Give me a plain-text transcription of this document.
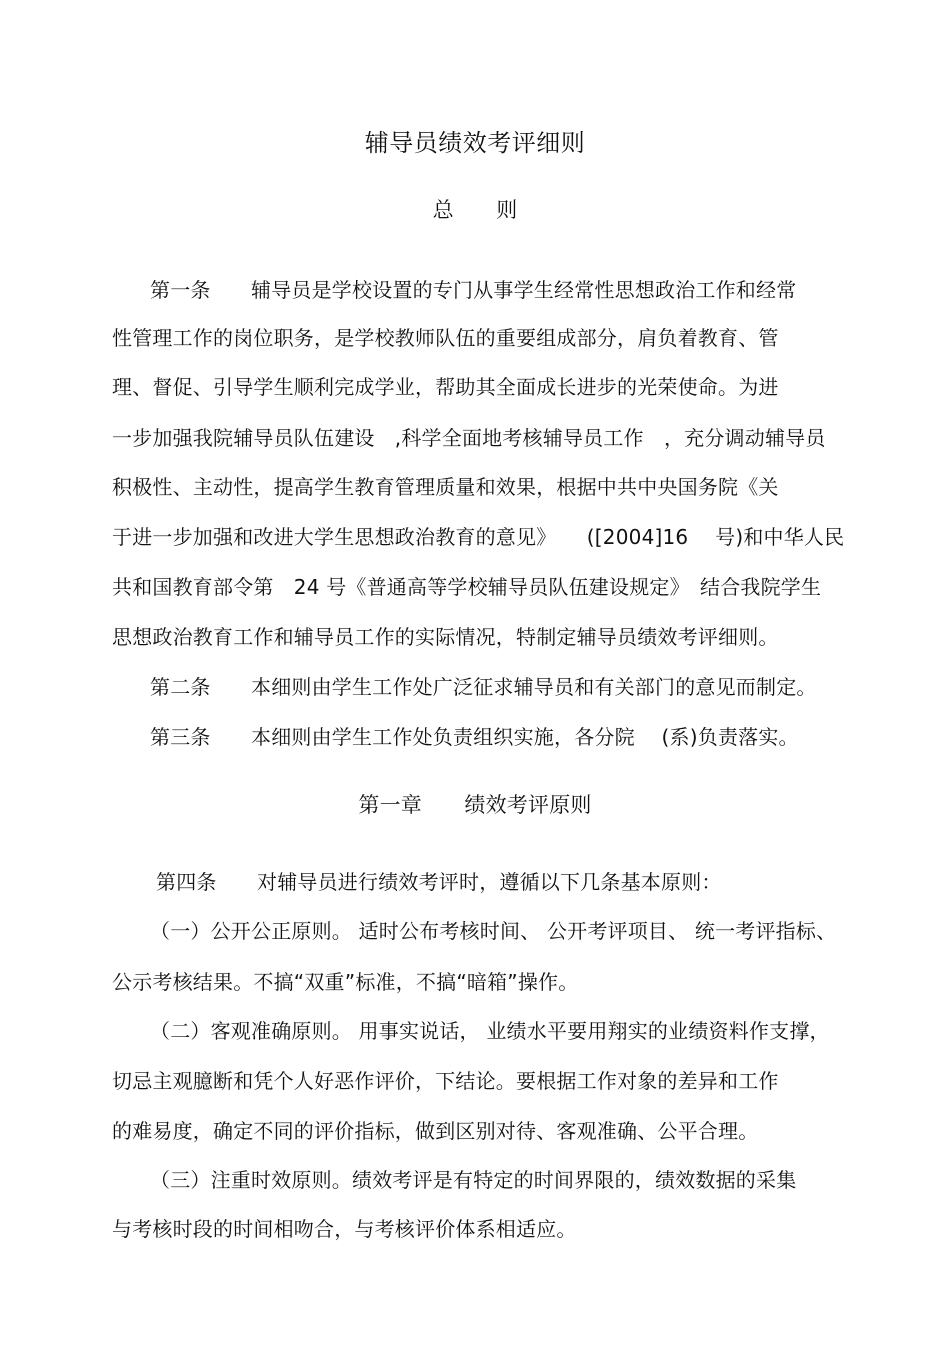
辅导员绩效考评细则
总　　则
第一条　　辅导员是学校设置的专门从事学生经常性思想政治工作和经常
性管理工作的岗位职务，是学校教师队伍的重要组成部分，肩负着教育、管
理、督促、引导学生顺利完成学业，帮助其全面成长进步的光荣使命。为进
一步加强我院辅导员队伍建设　,科学全面地考核辅导员工作　，充分调动辅导员
积极性、主动性，提高学生教育管理质量和效果，根据中共中央国务院《关
于进一步加强和改进大学生思想政治教育的意见》　　([2004]16　 号)和中华人民
共和国教育部令第　24 号《普通高等学校辅导员队伍建设规定》　结合我院学生
思想政治教育工作和辅导员工作的实际情况，特制定辅导员绩效考评细则。
第二条　　本细则由学生工作处广泛征求辅导员和有关部门的意见而制定。
第三条　　本细则由学生工作处负责组织实施，各分院　 (系)负责落实。
第一章　　绩效考评原则
第四条　　对辅导员进行绩效考评时，遵循以下几条基本原则：
（一）公开公正原则。 适时公布考核时间、 公开考评项目、 统一考评指标、
公示考核结果。不搞“双重”标准，不搞“暗箱”操作。
（二）客观准确原则。 用事实说话， 业绩水平要用翔实的业绩资料作支撑，
切忌主观臆断和凭个人好恶作评价，下结论。要根据工作对象的差异和工作
的难易度，确定不同的评价指标，做到区别对待、客观准确、公平合理。
（三）注重时效原则。绩效考评是有特定的时间界限的，绩效数据的采集
与考核时段的时间相吻合，与考核评价体系相适应。
